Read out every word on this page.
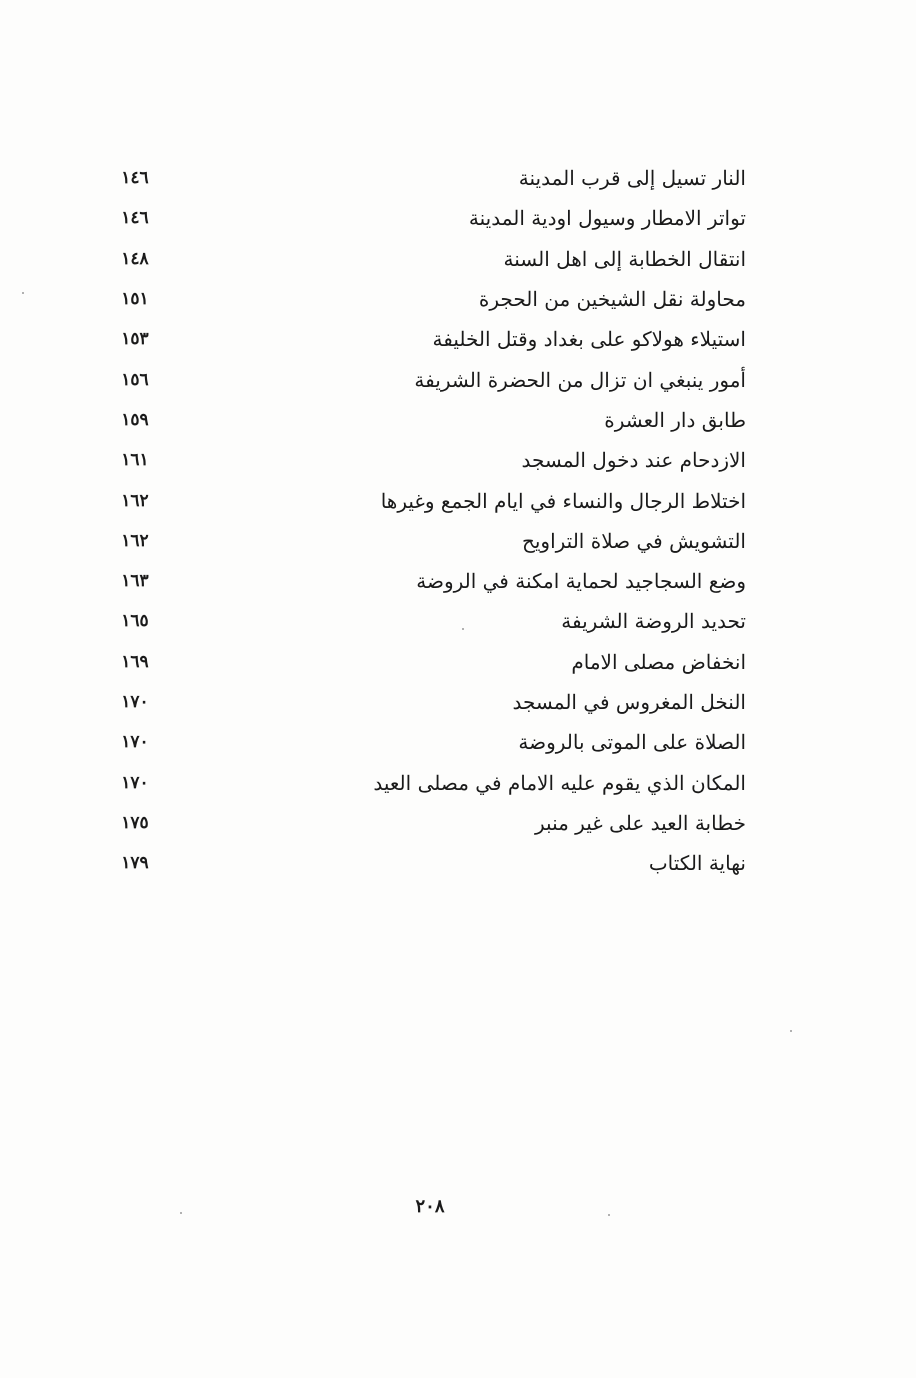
النار تسيل إلى قرب المدينة
١٤٦
تواتر الامطار وسيول اودية المدينة
١٤٦
انتقال الخطابة إلى اهل السنة
١٤٨
محاولة نقل الشيخين من الحجرة
١٥١
استيلاء هولاكو على بغداد وقتل الخليفة
١٥٣
أمور ينبغي ان تزال من الحضرة الشريفة
١٥٦
طابق دار العشرة
١٥٩
الازدحام عند دخول المسجد
١٦١
اختلاط الرجال والنساء في ايام الجمع وغيرها
١٦٢
التشويش في صلاة التراويح
١٦٢
وضع السجاجيد لحماية امكنة في الروضة
١٦٣
تحديد الروضة الشريفة
١٦٥
انخفاض مصلى الامام
١٦٩
النخل المغروس في المسجد
١٧٠
الصلاة على الموتى بالروضة
١٧٠
المكان الذي يقوم عليه الامام في مصلى العيد
١٧٠
خطابة العيد على غير منبر
١٧٥
نهاية الكتاب
١٧٩
٢٠٨
